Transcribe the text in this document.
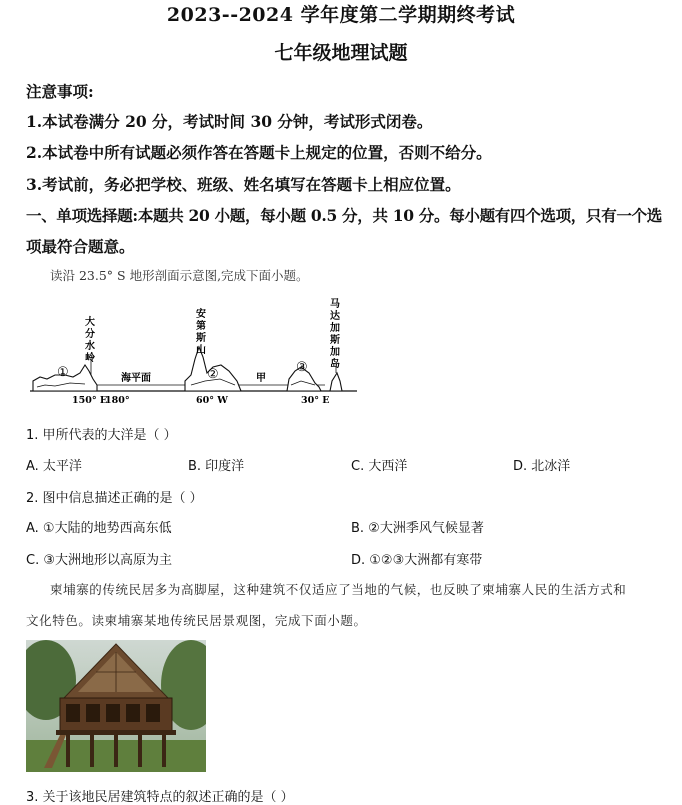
2023--2024 学年度第二学期期终考试
七年级地理试题
注意事项:
1.本试卷满分 20 分，考试时间 30 分钟，考试形式闭卷。
2.本试卷中所有试题必须作答在答题卡上规定的位置，否则不给分。
3.考试前，务必把学校、班级、姓名填写在答题卡上相应位置。
一、单项选择题:本题共 20 小题，每小题 0.5 分，共 10 分。每小题有四个选项，只有一个选
项最符合题意。
读沿 23.5° S 地形剖面示意图,完成下面小题。
大
分
水
岭
安
第
斯
山
马
达
加
斯
加
岛
①	②	③
海平面	甲
150° E
180°	60° W	30° E
1. 甲所代表的大洋是（ ）
A. 太平洋	B. 印度洋	C. 大西洋	D. 北冰洋
2. 图中信息描述正确的是（ ）
A. ①大陆的地势西高东低	B. ②大洲季风气候显著
C. ③大洲地形以高原为主	D. ①②③大洲都有寒带
柬埔寨的传统民居多为高脚屋，这种建筑不仅适应了当地的气候，也反映了柬埔寨人民的生活方式和
文化特色。读柬埔寨某地传统民居景观图，完成下面小题。
3. 关于该地民居建筑特点的叙述正确的是（ ）
